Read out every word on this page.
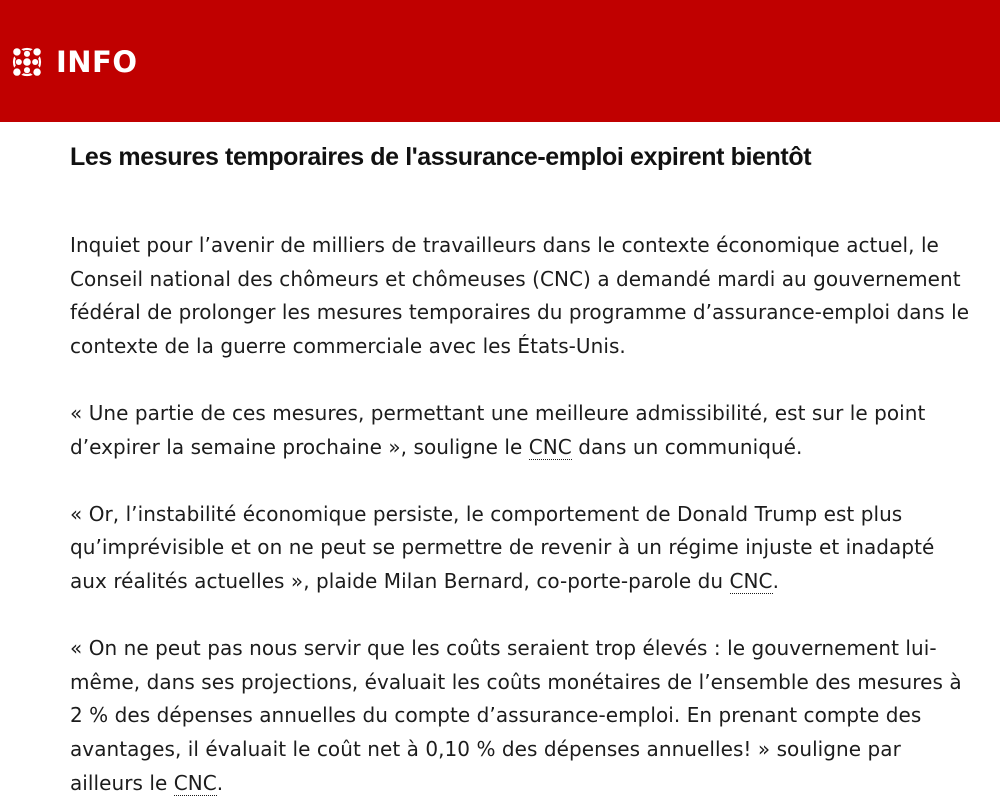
INFO
Les mesures temporaires de l'assurance-emploi expirent bientôt

Inquiet pour l’avenir de milliers de travailleurs dans le contexte économique actuel, le Conseil national des chômeurs et chômeuses (CNC) a demandé mardi au gouvernement fédéral de prolonger les mesures temporaires du programme d’assurance-emploi dans le contexte de la guerre commerciale avec les États-Unis.

« Une partie de ces mesures, permettant une meilleure admissibilité, est sur le point d’expirer la semaine prochaine », souligne le CNC dans un communiqué.

« Or, l’instabilité économique persiste, le comportement de Donald Trump est plus qu’imprévisible et on ne peut se permettre de revenir à un régime injuste et inadapté aux réalités actuelles », plaide Milan Bernard, co-porte-parole du CNC.

« On ne peut pas nous servir que les coûts seraient trop élevés : le gouvernement lui-même, dans ses projections, évaluait les coûts monétaires de l’ensemble des mesures à 2 % des dépenses annuelles du compte d’assurance-emploi. En prenant compte des avantages, il évaluait le coût net à 0,10 % des dépenses annuelles! » souligne par ailleurs le CNC.
